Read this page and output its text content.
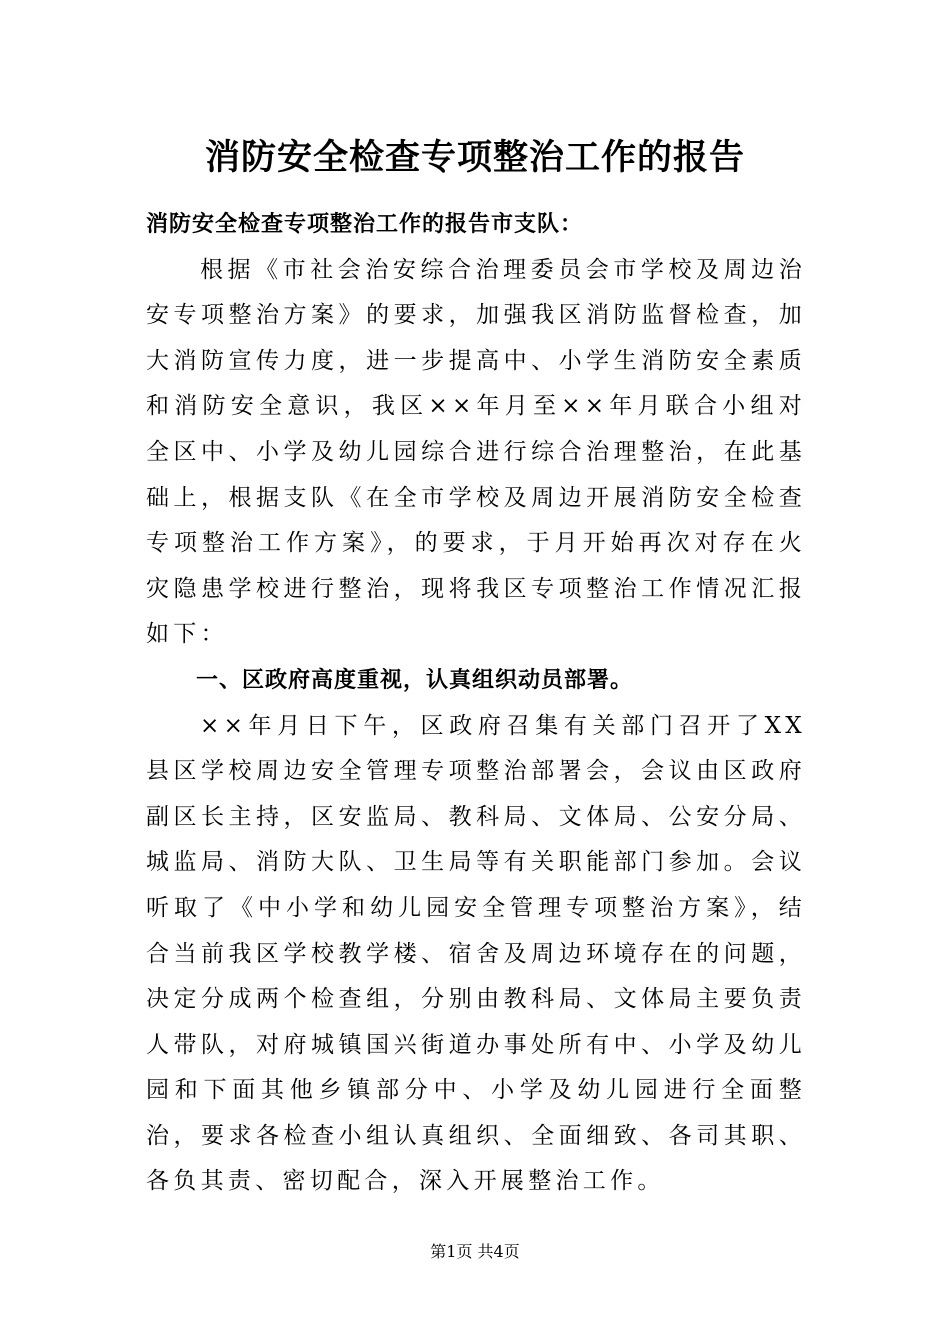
消防安全检查专项整治工作的报告

消防安全检查专项整治工作的报告市支队：

根据《市社会治安综合治理委员会市学校及周边治安专项整治方案》的要求，加强我区消防监督检查，加大消防宣传力度，进一步提高中、小学生消防安全素质和消防安全意识，我区××年月至××年月联合小组对全区中、小学及幼儿园综合进行综合治理整治，在此基础上，根据支队《在全市学校及周边开展消防安全检查专项整治工作方案》，的要求，于月开始再次对存在火灾隐患学校进行整治，现将我区专项整治工作情况汇报如下：

一、区政府高度重视，认真组织动员部署。

××年月日下午，区政府召集有关部门召开了XX县区学校周边安全管理专项整治部署会，会议由区政府副区长主持，区安监局、教科局、文体局、公安分局、城监局、消防大队、卫生局等有关职能部门参加。会议听取了《中小学和幼儿园安全管理专项整治方案》，结合当前我区学校教学楼、宿舍及周边环境存在的问题，决定分成两个检查组，分别由教科局、文体局主要负责人带队，对府城镇国兴街道办事处所有中、小学及幼儿园和下面其他乡镇部分中、小学及幼儿园进行全面整治，要求各检查小组认真组织、全面细致、各司其职、各负其责、密切配合，深入开展整治工作。

第1页 共4页
